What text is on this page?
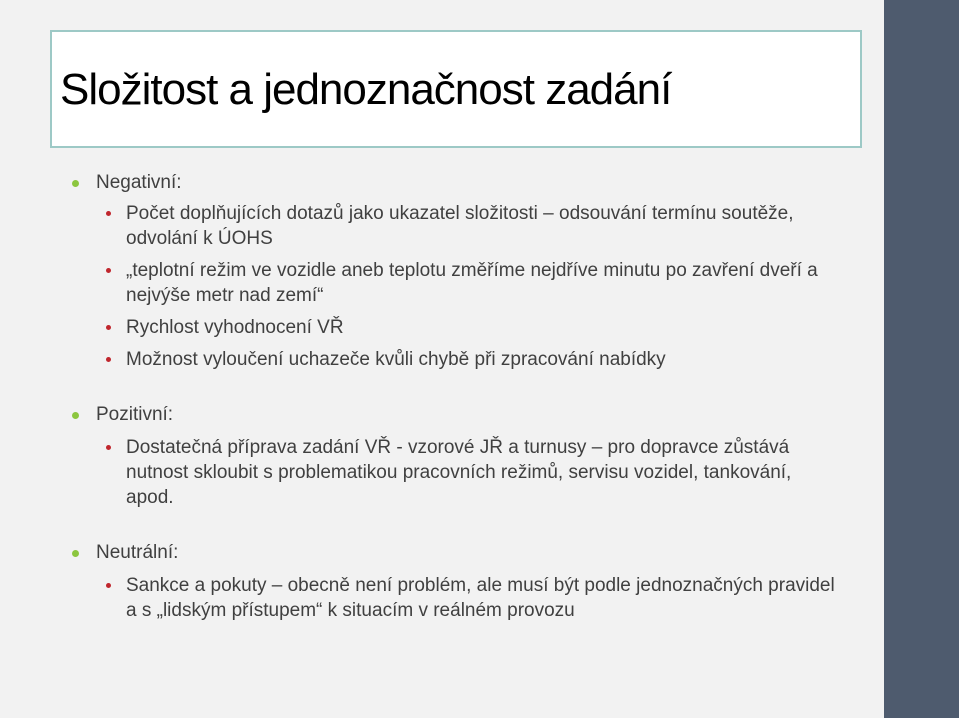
Složitost a jednoznačnost zadání
Negativní:
Počet doplňujících dotazů jako ukazatel složitosti – odsouvání termínu soutěže, odvolání k ÚOHS
„teplotní režim ve vozidle aneb teplotu změříme nejdříve minutu po zavření dveří a nejvýše metr nad zemí“
Rychlost vyhodnocení VŘ
Možnost vyloučení uchazeče kvůli chybě při zpracování nabídky
Pozitivní:
Dostatečná příprava zadání VŘ - vzorové JŘ a turnusy – pro dopravce zůstává nutnost skloubit s problematikou pracovních režimů, servisu vozidel, tankování, apod.
Neutrální:
Sankce a pokuty – obecně není problém, ale musí být podle jednoznačných pravidel a s „lidským přístupem“ k situacím v reálném provozu
